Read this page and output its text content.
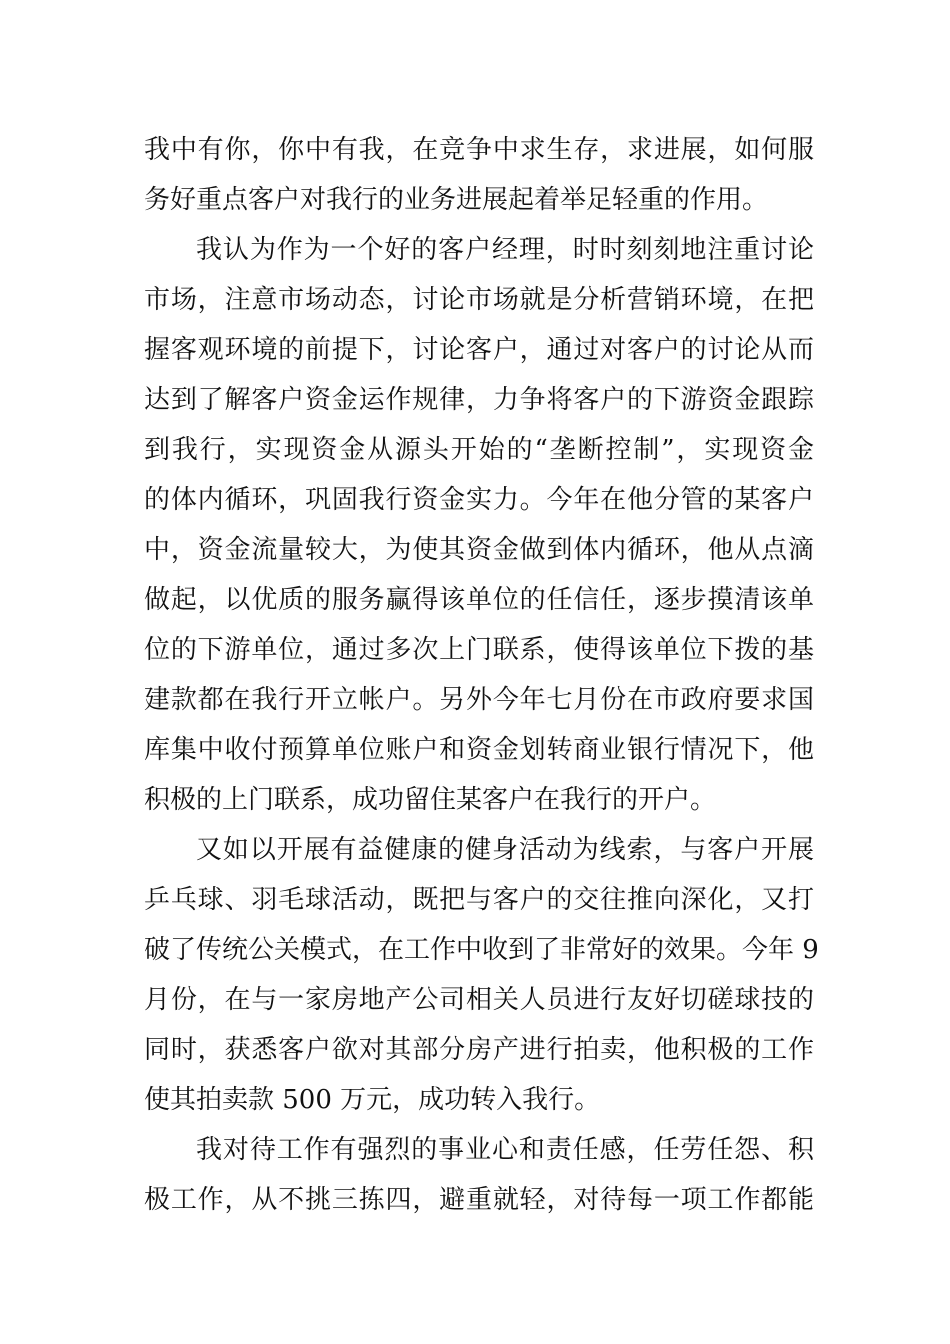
我中有你，你中有我，在竞争中求生存，求进展，如何服
务好重点客户对我行的业务进展起着举足轻重的作用。
我认为作为一个好的客户经理，时时刻刻地注重讨论
市场，注意市场动态，讨论市场就是分析营销环境，在把
握客观环境的前提下，讨论客户，通过对客户的讨论从而
达到了解客户资金运作规律，力争将客户的下游资金跟踪
到我行，实现资金从源头开始的“垄断控制”，实现资金
的体内循环，巩固我行资金实力。今年在他分管的某客户
中，资金流量较大，为使其资金做到体内循环，他从点滴
做起，以优质的服务赢得该单位的任信任，逐步摸清该单
位的下游单位，通过多次上门联系，使得该单位下拨的基
建款都在我行开立帐户。另外今年七月份在市政府要求国
库集中收付预算单位账户和资金划转商业银行情况下，他
积极的上门联系，成功留住某客户在我行的开户。
又如以开展有益健康的健身活动为线索，与客户开展
乒乓球、羽毛球活动，既把与客户的交往推向深化，又打
破了传统公关模式，在工作中收到了非常好的效果。今年 9
月份，在与一家房地产公司相关人员进行友好切磋球技的
同时，获悉客户欲对其部分房产进行拍卖，他积极的工作
使其拍卖款 500 万元，成功转入我行。
我对待工作有强烈的事业心和责任感，任劳任怨、积
极工作，从不挑三拣四，避重就轻，对待每一项工作都能
